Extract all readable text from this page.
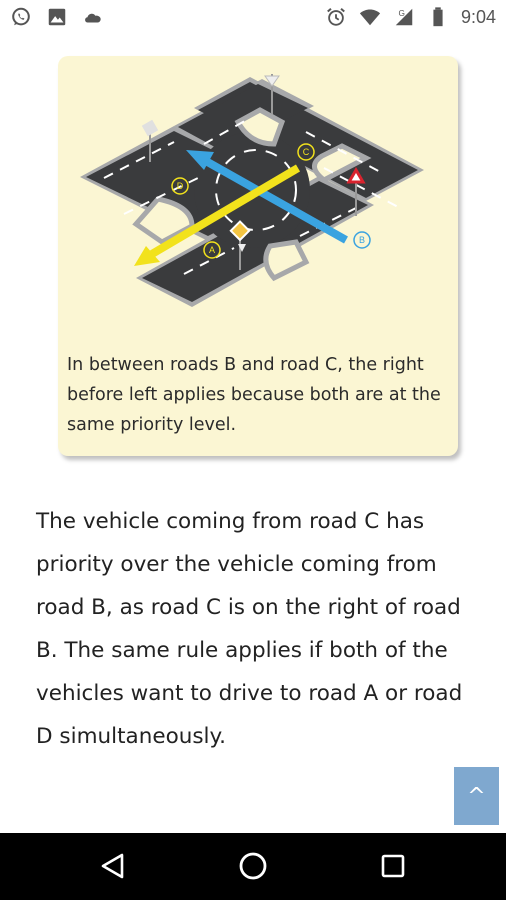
G	9:04
D
C
A
B

In between roads B and road C, the right before left applies because both are at the same priority level.

The vehicle coming from road C has priority over the vehicle coming from road B, as road C is on the right of road B. The same rule applies if both of the vehicles want to drive to road A or road D simultaneously.

^
